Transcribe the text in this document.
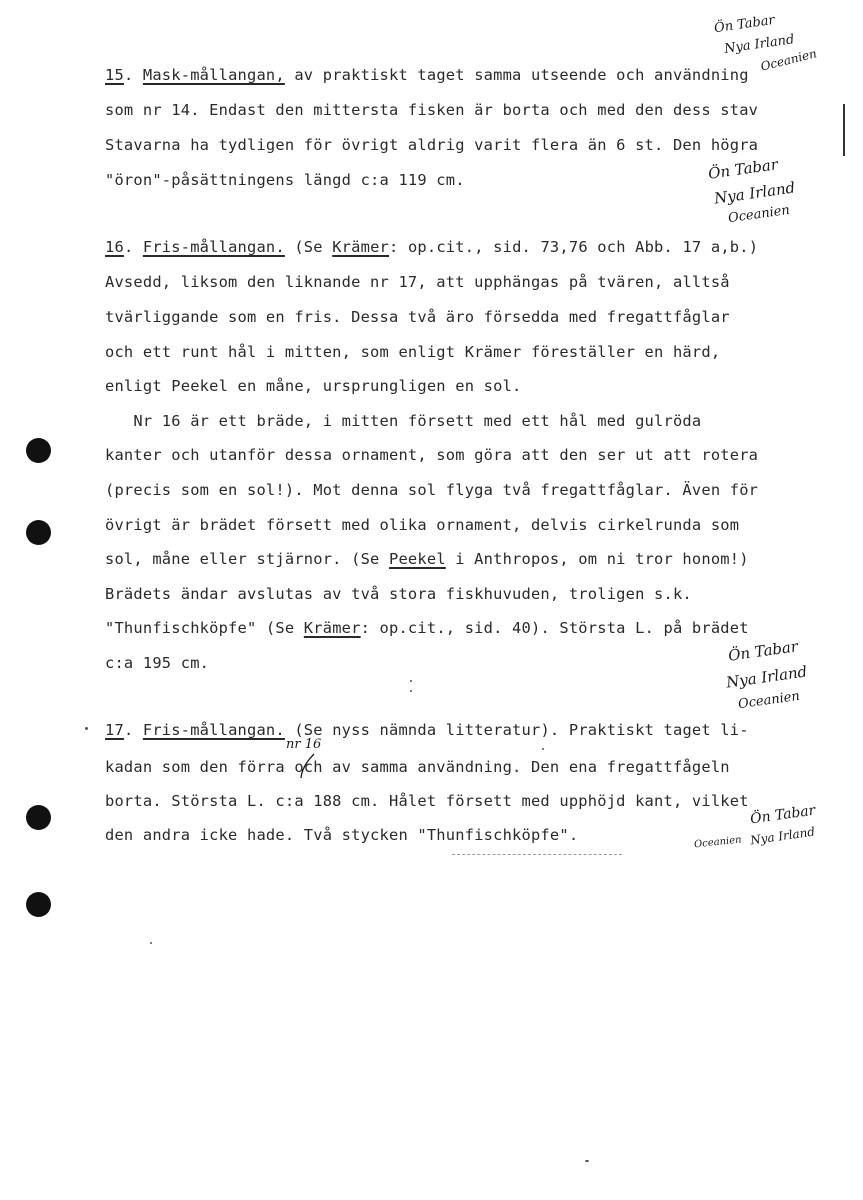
15. Mask-mållangan, av praktiskt taget samma utseende och användning
som nr 14. Endast den mittersta fisken är borta och med den dess stav
Stavarna ha tydligen för övrigt aldrig varit flera än 6 st. Den högra
"öron"-påsättningens längd c:a 119 cm.
16. Fris-mållangan. (Se Krämer: op.cit., sid. 73,76 och Abb. 17 a,b.)
Avsedd, liksom den liknande nr 17, att upphängas på tvären, alltså
tvärliggande som en fris. Dessa två äro försedda med fregattfåglar
och ett runt hål i mitten, som enligt Krämer föreställer en härd,
enligt Peekel en måne, ursprungligen en sol.
Nr 16 är ett bräde, i mitten försett med ett hål med gulröda
kanter och utanför dessa ornament, som göra att den ser ut att rotera
(precis som en sol!). Mot denna sol flyga två fregattfåglar. Även för
övrigt är brädet försett med olika ornament, delvis cirkelrunda som
sol, måne eller stjärnor. (Se Peekel i Anthropos, om ni tror honom!)
Brädets ändar avslutas av två stora fiskhuvuden, troligen s.k.
"Thunfischköpfe" (Se Krämer: op.cit., sid. 40). Största L. på brädet
c:a 195 cm.
17. Fris-mållangan. (Se nyss nämnda litteratur). Praktiskt taget li-
kadan som den förra och av samma användning. Den ena fregattfågeln
borta. Största L. c:a 188 cm. Hålet försett med upphöjd kant, vilket
den andra icke hade. Två stycken "Thunfischköpfe".
nr 16
Ön Tabar
Nya Irland
Oceanien
Ön Tabar
Nya Irland
Oceanien
Ön Tabar
Nya Irland
Oceanien
Ön Tabar
Nya Irland
Oceanien
